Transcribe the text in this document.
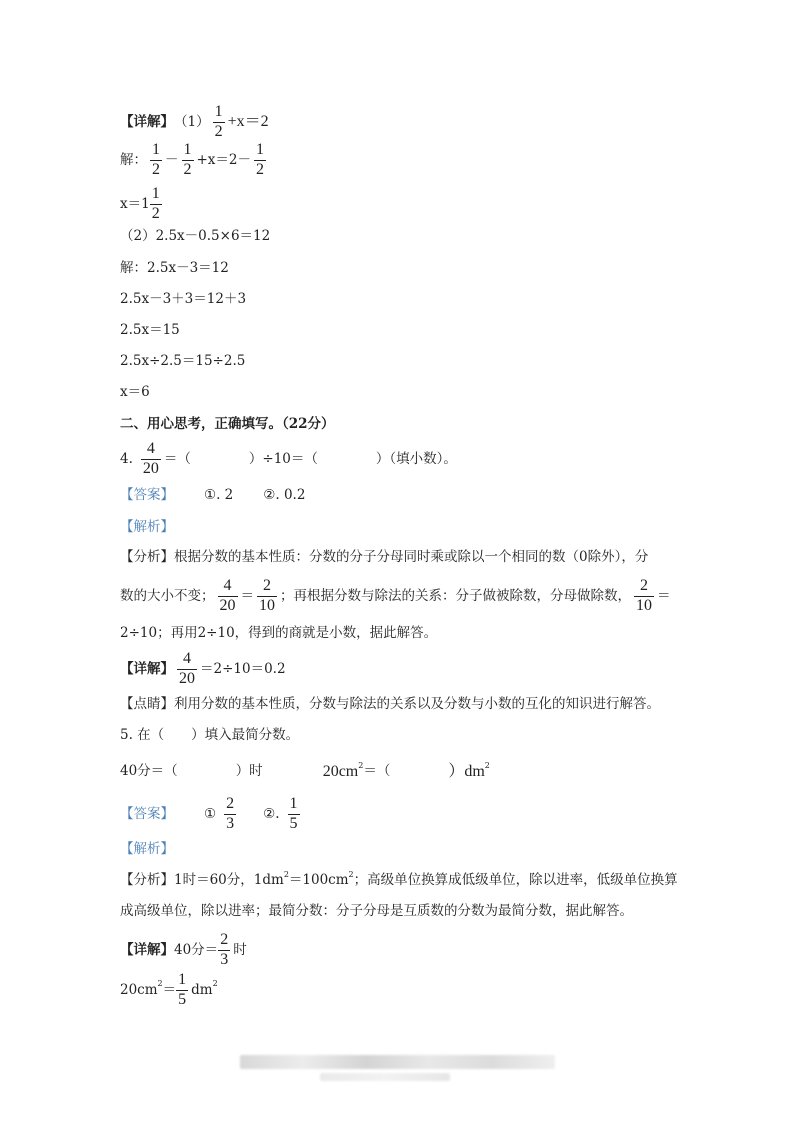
【详解】 $(1) \frac{1}{2} +x=2$
解： $\frac{1}{2} - \frac{1}{2} +x=2- \frac{1}{2}$
$x=1 \frac{1}{2}$
（2）2.5x－0.5×6＝12
解：2.5x－3＝12
2.5x－3＋3＝12＋3
2.5x＝15
2.5x÷2.5＝15÷2.5
x＝6
二、用心思考，正确填写。（22分）
4. $\frac{4}{20}$ ＝（	）÷10＝（	）（填小数）。
【答案】 ①. 2 ②. 0.2
【解析】
【分析】根据分数的基本性质：分数的分子分母同时乘或除以一个相同的数（0除外），分
数的大小不变； $\frac{4}{20} = \frac{2}{10}$ ；再根据分数与除法的关系：分子做被除数，分母做除数， $\frac{2}{10}$ ＝
2÷10；再用2÷10，得到的商就是小数，据此解答。
【详解】 $\frac{4}{20} =2\div 10=0.2$
【点睛】利用分数的基本性质，分数与除法的关系以及分数与小数的互化的知识进行解答。
5. 在（　　）填入最简分数。
40分＝（	）时	20cm 2 ＝（	）dm 2
【答案】 ① $\frac{2}{3}$ ②. $\frac{1}{5}$
【解析】
【分析】1时＝60分，1dm 2 ＝100cm 2 ；高级单位换算成低级单位，除以进率，低级单位换算
成高级单位，除以进率；最简分数：分子分母是互质数的分数为最简分数，据此解答。
【详解】 40分＝ $\frac{2}{3}$ 时
20cm $2 = \frac{1}{5}$ dm 2
